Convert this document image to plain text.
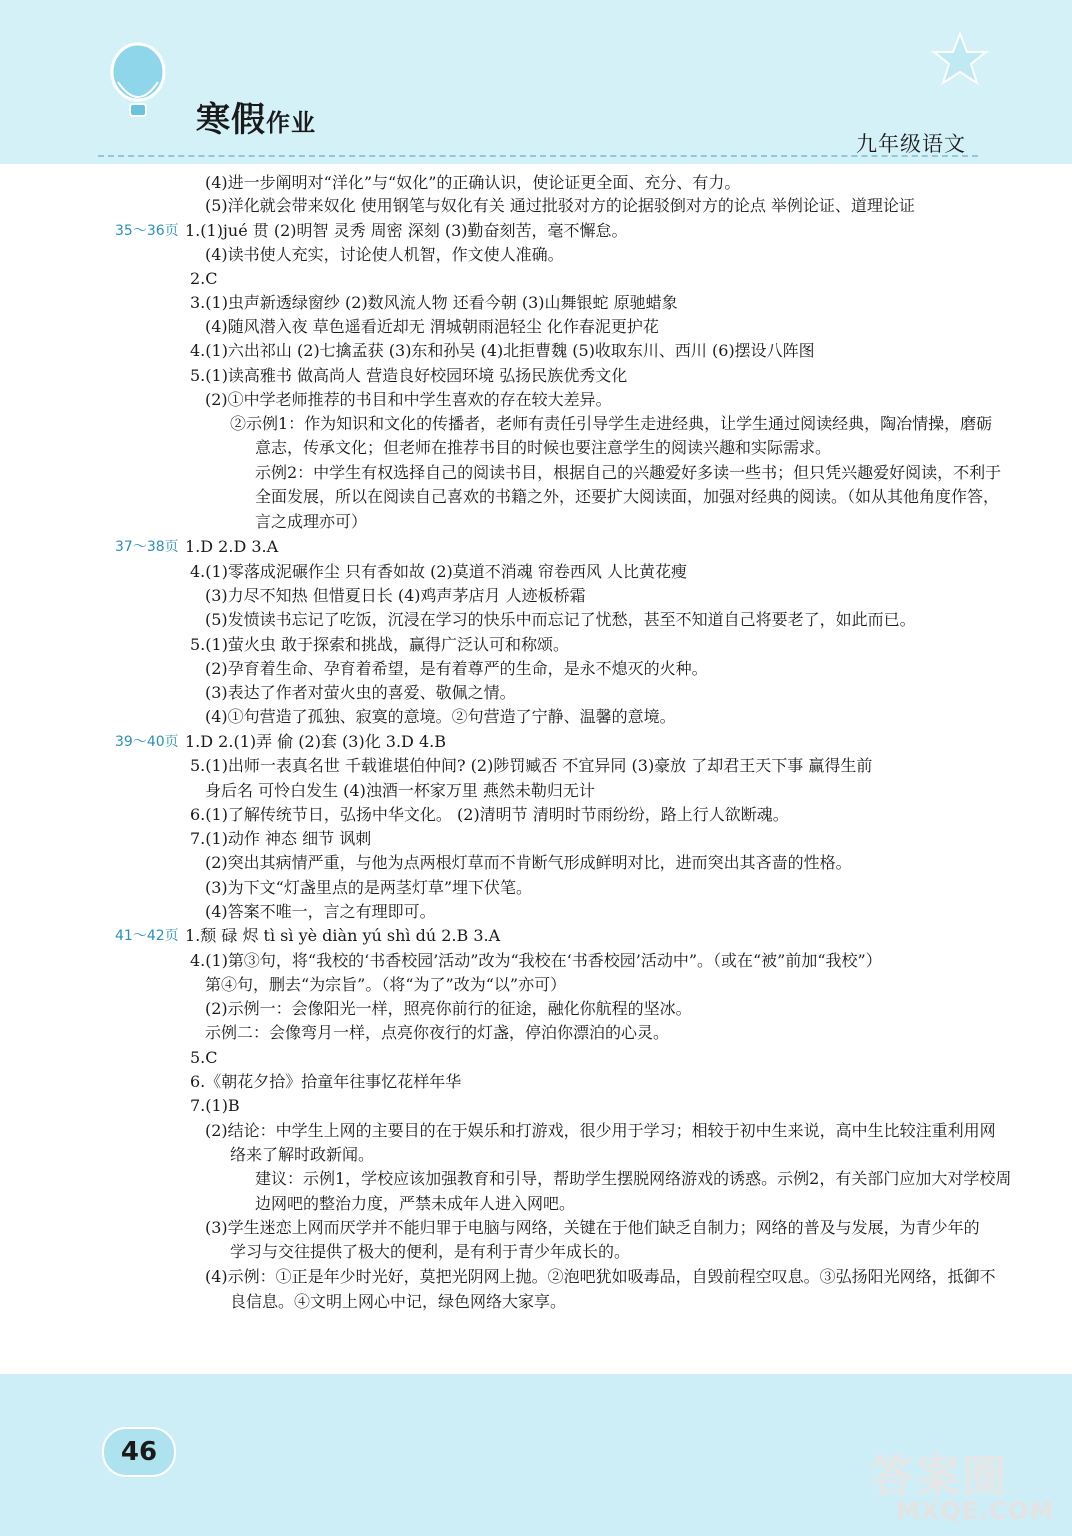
寒假作业
九年级语文
(4)进一步阐明对“洋化”与“奴化”的正确认识，使论证更全面、充分、有力。
(5)洋化就会带来奴化 使用钢笔与奴化有关 通过批驳对方的论据驳倒对方的论点 举例论证、道理论证
35～36页 1.(1)jué 贯 (2)明智 灵秀 周密 深刻 (3)勤奋刻苦，毫不懈怠。
(4)读书使人充实，讨论使人机智，作文使人准确。
2.C
3.(1)虫声新透绿窗纱 (2)数风流人物 还看今朝 (3)山舞银蛇 原驰蜡象
(4)随风潜入夜 草色遥看近却无 渭城朝雨浥轻尘 化作春泥更护花
4.(1)六出祁山 (2)七擒孟获 (3)东和孙吴 (4)北拒曹魏 (5)收取东川、西川 (6)摆设八阵图
5.(1)读高雅书 做高尚人 营造良好校园环境 弘扬民族优秀文化
(2)①中学老师推荐的书目和中学生喜欢的存在较大差异。
②示例1：作为知识和文化的传播者，老师有责任引导学生走进经典，让学生通过阅读经典，陶冶情操，磨砺
意志，传承文化；但老师在推荐书目的时候也要注意学生的阅读兴趣和实际需求。
示例2：中学生有权选择自己的阅读书目，根据自己的兴趣爱好多读一些书；但只凭兴趣爱好阅读，不利于
全面发展，所以在阅读自己喜欢的书籍之外，还要扩大阅读面，加强对经典的阅读。（如从其他角度作答，
言之成理亦可）
37～38页 1.D 2.D 3.A
4.(1)零落成泥碾作尘 只有香如故 (2)莫道不消魂 帘卷西风 人比黄花瘦
(3)力尽不知热 但惜夏日长 (4)鸡声茅店月 人迹板桥霜
(5)发愤读书忘记了吃饭，沉浸在学习的快乐中而忘记了忧愁，甚至不知道自己将要老了，如此而已。
5.(1)萤火虫 敢于探索和挑战，赢得广泛认可和称颂。
(2)孕育着生命、孕育着希望，是有着尊严的生命，是永不熄灭的火种。
(3)表达了作者对萤火虫的喜爱、敬佩之情。
(4)①句营造了孤独、寂寞的意境。②句营造了宁静、温馨的意境。
39～40页 1.D 2.(1)弄 偷 (2)套 (3)化 3.D 4.B
5.(1)出师一表真名世 千载谁堪伯仲间? (2)陟罚臧否 不宜异同 (3)豪放 了却君王天下事 赢得生前
身后名 可怜白发生 (4)浊酒一杯家万里 燕然未勒归无计
6.(1)了解传统节日，弘扬中华文化。 (2)清明节 清明时节雨纷纷，路上行人欲断魂。
7.(1)动作 神态 细节 讽刺
(2)突出其病情严重，与他为点两根灯草而不肯断气形成鲜明对比，进而突出其吝啬的性格。
(3)为下文“灯盏里点的是两茎灯草”埋下伏笔。
(4)答案不唯一，言之有理即可。
41～42页 1.颓 碌 烬 tì sì yè diàn yú shì dú 2.B 3.A
4.(1)第③句，将“我校的‘书香校园’活动”改为“我校在‘书香校园’活动中”。（或在“被”前加“我校”）
第④句，删去“为宗旨”。（将“为了”改为“以”亦可）
(2)示例一：会像阳光一样，照亮你前行的征途，融化你航程的坚冰。
示例二：会像弯月一样，点亮你夜行的灯盏，停泊你漂泊的心灵。
5.C
6.《朝花夕拾》拾童年往事忆花样年华
7.(1)B
(2)结论：中学生上网的主要目的在于娱乐和打游戏，很少用于学习；相较于初中生来说，高中生比较注重利用网
络来了解时政新闻。
建议：示例1，学校应该加强教育和引导，帮助学生摆脱网络游戏的诱惑。示例2，有关部门应加大对学校周
边网吧的整治力度，严禁未成年人进入网吧。
(3)学生迷恋上网而厌学并不能归罪于电脑与网络，关键在于他们缺乏自制力；网络的普及与发展，为青少年的
学习与交往提供了极大的便利，是有利于青少年成长的。
(4)示例：①正是年少时光好，莫把光阴网上抛。②泡吧犹如吸毒品，自毁前程空叹息。③弘扬阳光网络，抵御不
良信息。④文明上网心中记，绿色网络大家享。
46	答案圈
MXQE.COM
